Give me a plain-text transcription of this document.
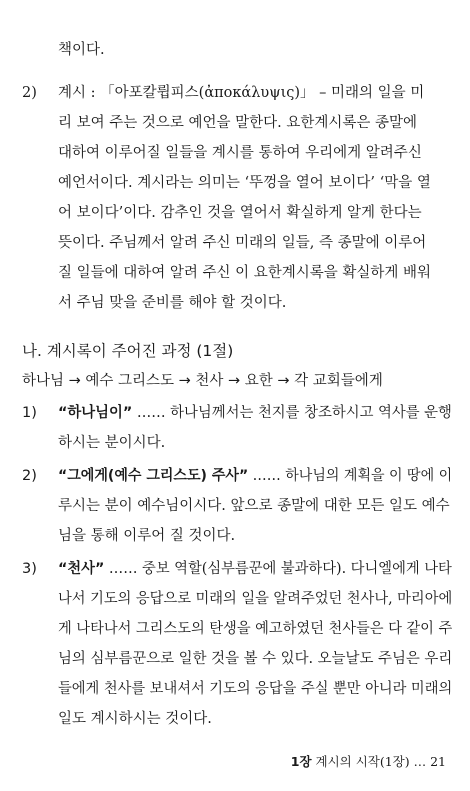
책이다.
2) 계시 : 「아포칼륍피스(ἀποκάλυψις)」 – 미래의 일을 미
리 보여 주는 것으로 예언을 말한다. 요한계시록은 종말에
대하여 이루어질 일들을 계시를 통하여 우리에게 알려주신
예언서이다. 계시라는 의미는 ‘뚜껑을 열어 보이다’ ‘막을 열
어 보이다’이다. 감추인 것을 열어서 확실하게 알게 한다는
뜻이다. 주님께서 알려 주신 미래의 일들, 즉 종말에 이루어
질 일들에 대하여 알려 주신 이 요한계시록을 확실하게 배워
서 주님 맞을 준비를 해야 할 것이다.
나. 계시록이 주어진 과정 (1절)
하나님 → 예수 그리스도 → 천사 → 요한 → 각 교회들에게
1) “하나님이” …… 하나님께서는 천지를 창조하시고 역사를 운행
하시는 분이시다.
2) “그에게(예수 그리스도) 주사” …… 하나님의 계획을 이 땅에 이
루시는 분이 예수님이시다. 앞으로 종말에 대한 모든 일도 예수
님을 통해 이루어 질 것이다.
3) “천사” …… 중보 역할(심부름꾼에 불과하다). 다니엘에게 나타
나서 기도의 응답으로 미래의 일을 알려주었던 천사나, 마리아에
게 나타나서 그리스도의 탄생을 예고하였던 천사들은 다 같이 주
님의 심부름꾼으로 일한 것을 볼 수 있다. 오늘날도 주님은 우리
들에게 천사를 보내셔서 기도의 응답을 주실 뿐만 아니라 미래의
일도 계시하시는 것이다.
1장 계시의 시작(1장) … 21
